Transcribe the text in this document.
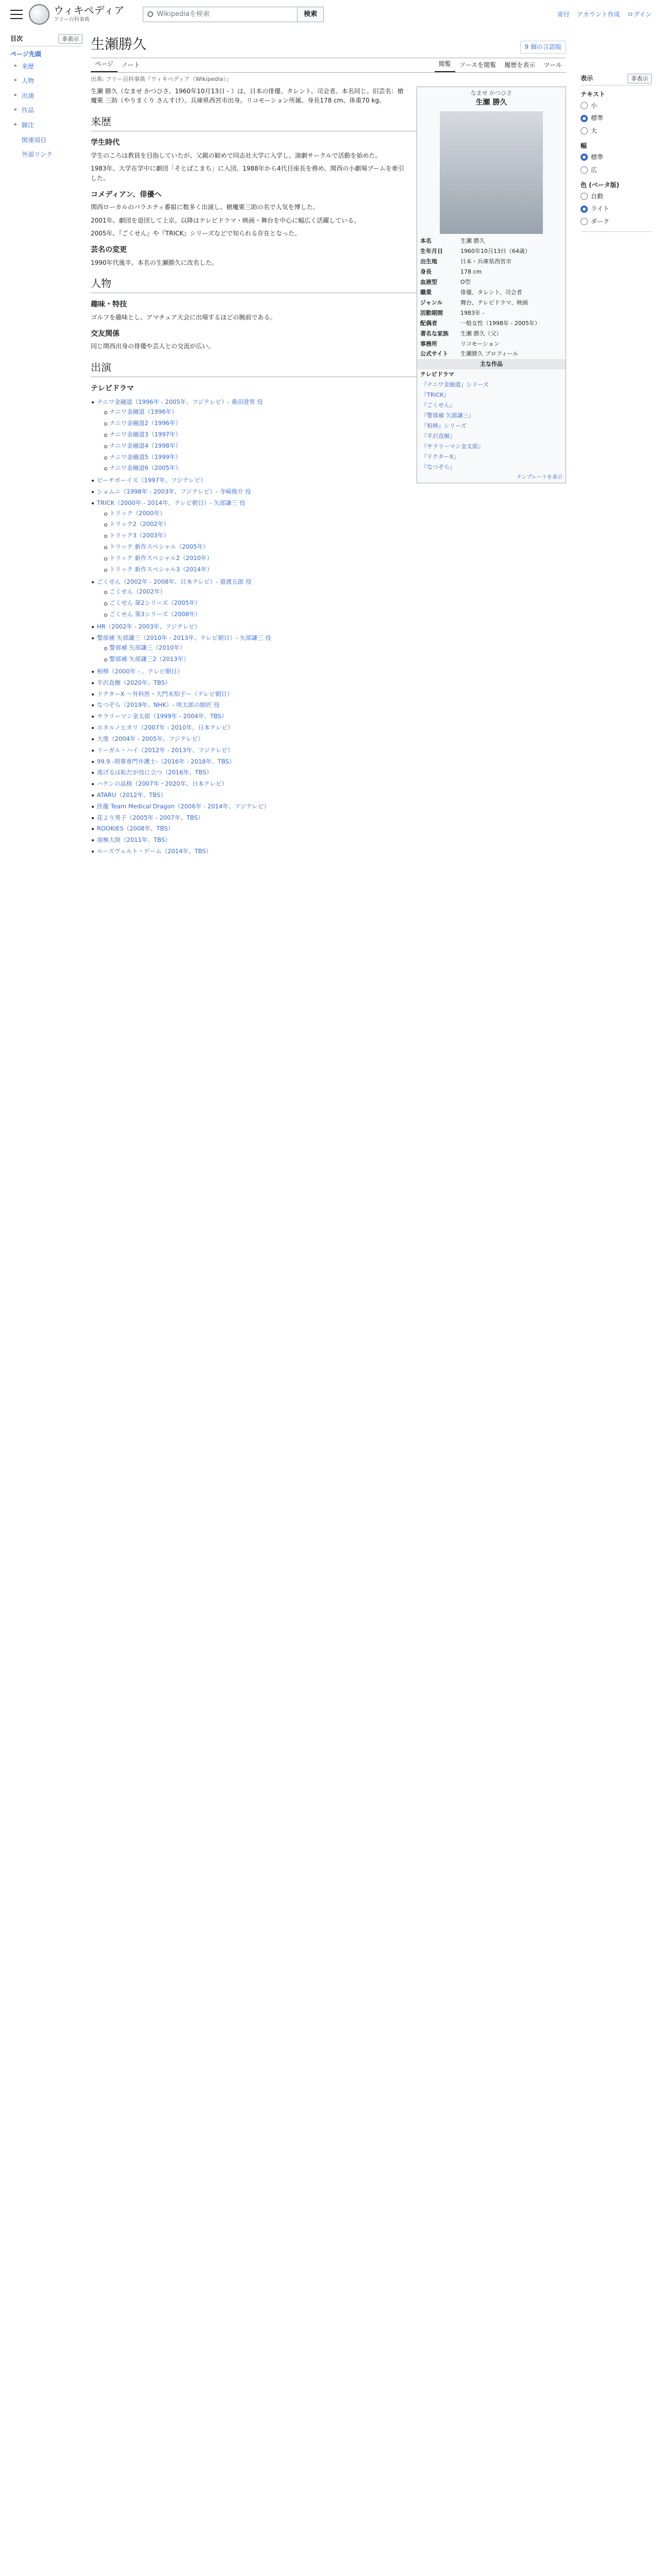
ウィキペディア
フリー百科事典
Wikipediaを検索	検索	寄付 アカウント作成 ログイン
目次	非表示
ページ先頭
▸ 来歴
▸ 人物
▸ 出演
▸ 作品
▸ 脚注
関連項目
外部リンク
生瀬勝久	9 個の言語版
ページ	ノート	閲覧	ソースを閲覧	履歴を表示	ツール
出典: フリー百科事典『ウィキペディア（Wikipedia）』
なませ かつひさ
生瀬 勝久
本名	生瀬 勝久
生年月日	1960年10月13日（64歳）
出生地	日本・兵庫県西宮市
身長	178 cm
血液型	O型
職業	俳優、タレント、司会者
ジャンル	舞台、テレビドラマ、映画
活動期間	1983年 -
配偶者	一般女性（1998年 - 2005年）
著名な家族	生瀬 勝久（父）
事務所	リコモーション
公式サイト	生瀬勝久 プロフィール
主な作品
テレビドラマ
『ナニワ金融道』シリーズ
『TRICK』
『ごくせん』
『警部補 矢部謙三』
『相棒』シリーズ
『半沢直樹』
『サラリーマン金太郎』
『ドクターX』
『なつぞら』
テンプレートを表示

生瀬 勝久（なませ かつひさ、1960年10月13日 - ）は、日本の俳優、タレント、司会者。本名同じ。旧芸名：槍魔栗 三助（やりまくり さんすけ）。兵庫県西宮市出身。リコモーション所属。身長178 cm、体重70 kg。

来歴
学生時代

学生のころは教員を目指していたが、父親の勧めで同志社大学に入学し、演劇サークルで活動を始めた。

1983年、大学在学中に劇団「そとばこまち」に入団。1988年から4代目座長を務め、関西の小劇場ブームを牽引した。

コメディアン、俳優へ

関西ローカルのバラエティ番組に数多く出演し、槍魔栗三助の名で人気を博した。

2001年、劇団を退団して上京。以降はテレビドラマ・映画・舞台を中心に幅広く活躍している。

2005年、『ごくせん』や『TRICK』シリーズなどで知られる存在となった。

芸名の変更

1990年代後半、本名の生瀬勝久に改名した。

人物
趣味・特技

ゴルフを趣味とし、アマチュア大会に出場するほどの腕前である。

交友関係

同じ関西出身の俳優や芸人との交流が広い。

出演
テレビドラマ
ナニワ金融道（1996年 - 2005年、フジテレビ）- 桑田澄男 役
ナニワ金融道（1996年）
ナニワ金融道2（1996年）
ナニワ金融道3（1997年）
ナニワ金融道4（1998年）
ナニワ金融道5（1999年）
ナニワ金融道6（2005年）
ビーチボーイズ（1997年、フジテレビ）
ショムニ（1998年 - 2003年、フジテレビ）- 寺崎俊介 役
TRICK（2000年 - 2014年、テレビ朝日）- 矢部謙三 役
トリック（2000年）
トリック2（2002年）
トリック3（2003年）
トリック 新作スペシャル（2005年）
トリック 新作スペシャル2（2010年）
トリック 新作スペシャル3（2014年）
ごくせん（2002年 - 2008年、日本テレビ）- 猿渡五郎 役
ごくせん（2002年）
ごくせん 第2シリーズ（2005年）
ごくせん 第3シリーズ（2008年）
HR（2002年 - 2003年、フジテレビ）
警部補 矢部謙三（2010年 - 2013年、テレビ朝日）- 矢部謙三 役
警部補 矢部謙三（2010年）
警部補 矢部謙三2（2013年）
相棒（2000年 - 、テレビ朝日）
半沢直樹（2020年、TBS）
ドクターX 〜外科医・大門未知子〜（テレビ朝日）
なつぞら（2019年、NHK）- 咲太郎の師匠 役
サラリーマン金太郎（1999年 - 2004年、TBS）
ホタルノヒカリ（2007年 - 2010年、日本テレビ）
大奥（2004年 - 2005年、フジテレビ）
リーガル・ハイ（2012年 - 2013年、フジテレビ）
99.9 -刑事専門弁護士-（2016年 - 2018年、TBS）
逃げるは恥だが役に立つ（2016年、TBS）
ハケンの品格（2007年・2020年、日本テレビ）
ATARU（2012年、TBS）
医龍 Team Medical Dragon（2006年 - 2014年、フジテレビ）
花より男子（2005年 - 2007年、TBS）
ROOKIES（2008年、TBS）
南極大陸（2011年、TBS）
ルーズヴェルト・ゲーム（2014年、TBS）
表示	非表示
テキスト
小
標準
大
幅
標準
広
色 (ベータ版)
自動
ライト
ダーク
